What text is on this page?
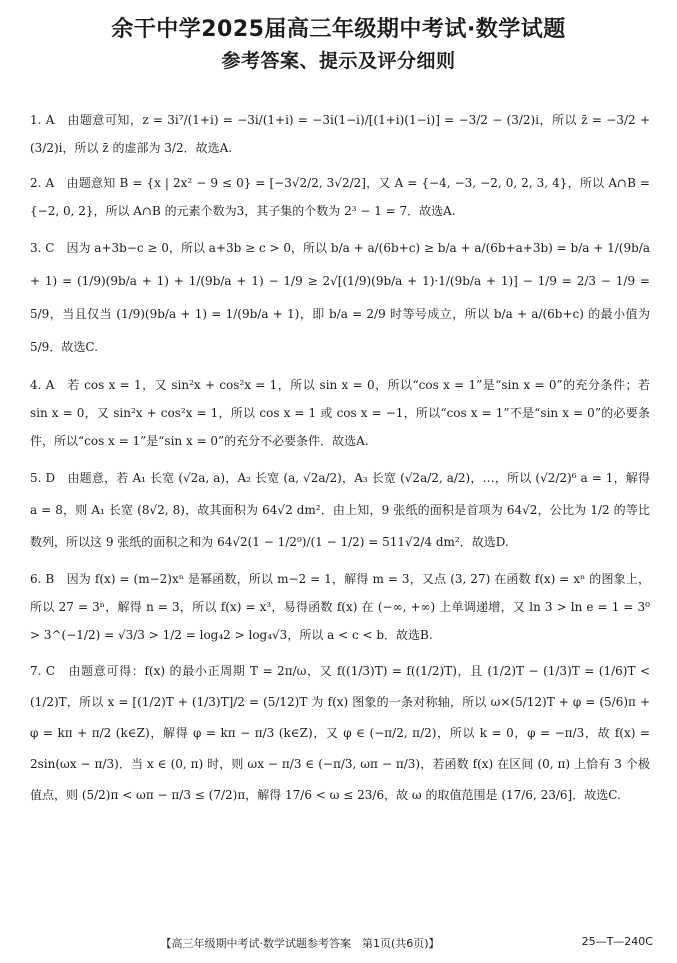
余干中学2025届高三年级期中考试·数学试题
参考答案、提示及评分细则

1. A　 由题意可知，z = 3i⁷/(1+i) = −3i/(1+i) = −3i(1−i)/[(1+i)(1−i)] = −3/2 − (3/2)i，所以 z̄ = −3/2 + (3/2)i，所以 z̄ 的虚部为 3/2．故选A.

2. A　 由题意知 B = {x | 2x² − 9 ≤ 0} = [−3√2/2, 3√2/2]，又 A = {−4, −3, −2, 0, 2, 3, 4}，所以 A∩B = {−2, 0, 2}，所以 A∩B 的元素个数为3，其子集的个数为 2³ − 1 = 7．故选A.

3. C　 因为 a+3b−c ≥ 0，所以 a+3b ≥ c > 0，所以 b/a + a/(6b+c) ≥ b/a + a/(6b+a+3b) = b/a + 1/(9b/a + 1) = (1/9)(9b/a + 1) + 1/(9b/a + 1) − 1/9 ≥ 2√[(1/9)(9b/a + 1)·1/(9b/a + 1)] − 1/9 = 2/3 − 1/9 = 5/9，当且仅当 (1/9)(9b/a + 1) = 1/(9b/a + 1)，即 b/a = 2/9 时等号成立，所以 b/a + a/(6b+c) 的最小值为 5/9．故选C.

4. A　 若 cos x = 1，又 sin²x + cos²x = 1，所以 sin x = 0，所以“cos x = 1”是“sin x = 0”的充分条件；若 sin x = 0，又 sin²x + cos²x = 1，所以 cos x = 1 或 cos x = −1，所以“cos x = 1”不是“sin x = 0”的必要条件，所以“cos x = 1”是“sin x = 0”的充分不必要条件．故选A.

5. D　 由题意，若 A₁ 长宽 (√2a, a)，A₂ 长宽 (a, √2a/2)，A₃ 长宽 (√2a/2, a/2)，…，所以 (√2/2)⁶ a = 1，解得 a = 8，则 A₁ 长宽 (8√2, 8)，故其面积为 64√2 dm²．由上知，9 张纸的面积是首项为 64√2，公比为 1/2 的等比数列，所以这 9 张纸的面积之和为 64√2(1 − 1/2⁹)/(1 − 1/2) = 511√2/4 dm²．故选D.

6. B　 因为 f(x) = (m−2)xⁿ 是幂函数，所以 m−2 = 1，解得 m = 3，又点 (3, 27) 在函数 f(x) = xⁿ 的图象上，所以 27 = 3ⁿ，解得 n = 3，所以 f(x) = x³，易得函数 f(x) 在 (−∞, +∞) 上单调递增，又 ln 3 > ln e = 1 = 3⁰ > 3^(−1/2) = √3/3 > 1/2 = log₄2 > log₄√3，所以 a < c < b．故选B.

7. C　 由题意可得：f(x) 的最小正周期 T = 2π/ω，又 f((1/3)T) = f((1/2)T)，且 (1/2)T − (1/3)T = (1/6)T < (1/2)T，所以 x = [(1/2)T + (1/3)T]/2 = (5/12)T 为 f(x) 图象的一条对称轴，所以 ω×(5/12)T + φ = (5/6)π + φ = kπ + π/2 (k∈Z)，解得 φ = kπ − π/3 (k∈Z)，又 φ ∈ (−π/2, π/2)，所以 k = 0，φ = −π/3，故 f(x) = 2sin(ωx − π/3)．当 x ∈ (0, π) 时，则 ωx − π/3 ∈ (−π/3, ωπ − π/3)，若函数 f(x) 在区间 (0, π) 上恰有 3 个极值点，则 (5/2)π < ωπ − π/3 ≤ (7/2)π，解得 17/6 < ω ≤ 23/6，故 ω 的取值范围是 (17/6, 23/6]．故选C.

【高三年级期中考试·数学试题参考答案　第1页(共6页)】	25—T—240C
